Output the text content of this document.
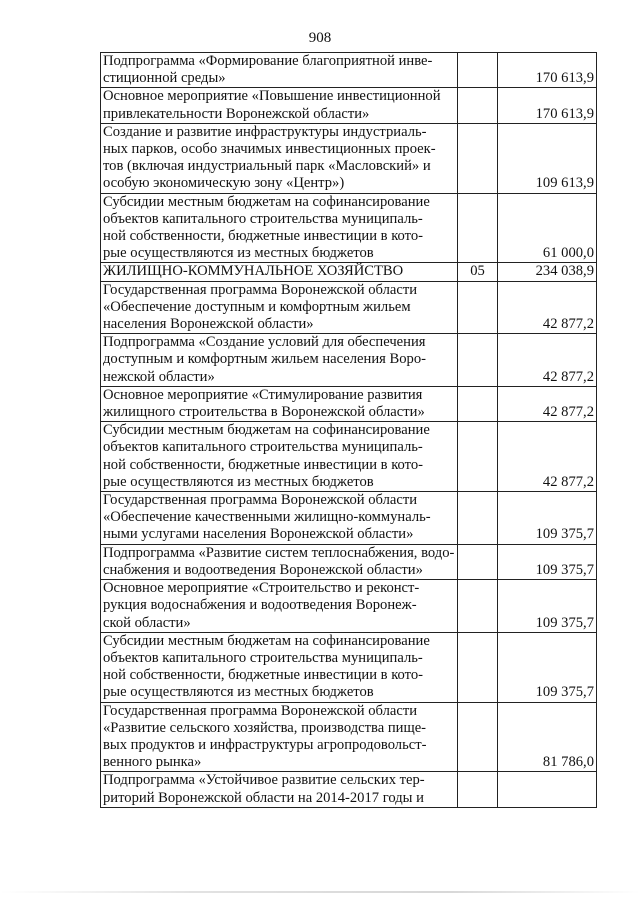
908
Подпрограмма «Формирование благоприятной инве-
стиционной среды»		170 613,9

Основное мероприятие «Повышение инвестиционной
привлекательности Воронежской области»		170 613,9

Создание и развитие инфраструктуры индустриаль-
ных парков, особо значимых инвестиционных проек-
тов (включая индустриальный парк «Масловский» и
особую экономическую зону «Центр»)		109 613,9

Субсидии местным бюджетам на софинансирование
объектов капитального строительства муниципаль-
ной собственности, бюджетные инвестиции в кото-
рые осуществляются из местных бюджетов		61 000,0

ЖИЛИЩНО-КОММУНАЛЬНОЕ ХОЗЯЙСТВО	05	234 038,9

Государственная программа Воронежской области
«Обеспечение доступным и комфортным жильем
населения Воронежской области»		42 877,2

Подпрограмма «Создание условий для обеспечения
доступным и комфортным жильем населения Воро-
нежской области»		42 877,2

Основное мероприятие «Стимулирование развития
жилищного строительства в Воронежской области»		42 877,2

Субсидии местным бюджетам на софинансирование
объектов капитального строительства муниципаль-
ной собственности, бюджетные инвестиции в кото-
рые осуществляются из местных бюджетов		42 877,2

Государственная программа Воронежской области
«Обеспечение качественными жилищно-коммуналь-
ными услугами населения Воронежской области»		109 375,7

Подпрограмма «Развитие систем теплоснабжения, водо-
снабжения и водоотведения Воронежской области»		109 375,7

Основное мероприятие «Строительство и реконст-
рукция водоснабжения и водоотведения Воронеж-
ской области»		109 375,7

Субсидии местным бюджетам на софинансирование
объектов капитального строительства муниципаль-
ной собственности, бюджетные инвестиции в кото-
рые осуществляются из местных бюджетов		109 375,7

Государственная программа Воронежской области
«Развитие сельского хозяйства, производства пище-
вых продуктов и инфраструктуры агропродовольст-
венного рынка»		81 786,0

Подпрограмма «Устойчивое развитие сельских тер-
риторий Воронежской области на 2014-2017 годы и		
